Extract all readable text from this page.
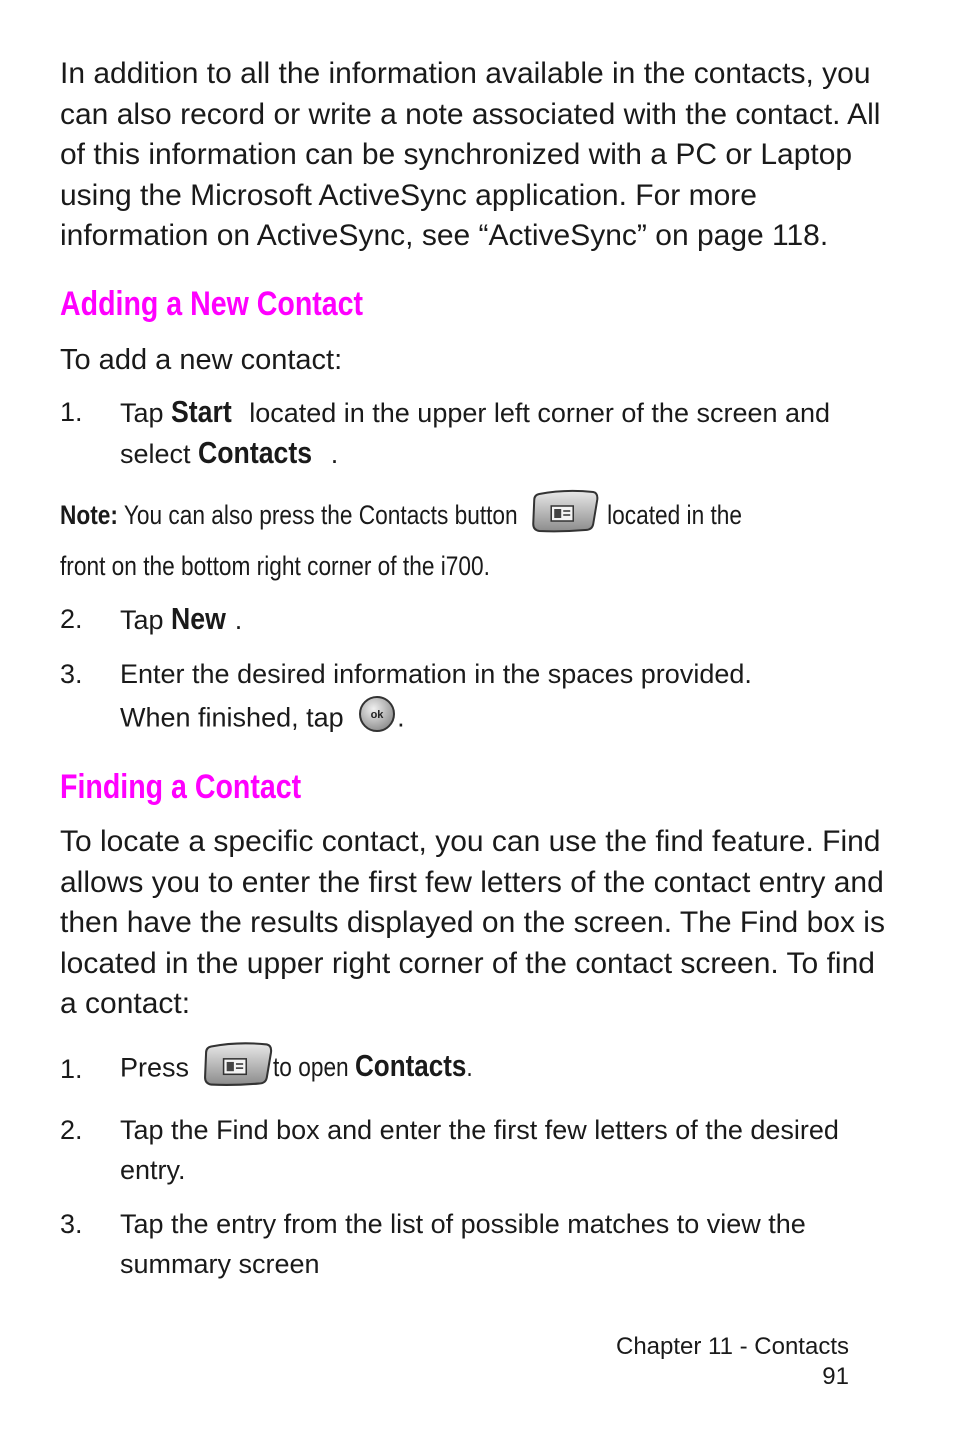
In addition to all the information available in the contacts, you can also record or write a note associated with the contact. All of this information can be synchronized with a PC or Laptop using the Microsoft ActiveSync application. For more information on ActiveSync, see “ActiveSync” on page 118.

Adding a New Contact

To add a new contact:

1.	Tap Start located in the upper left corner of the screen and select Contacts .
Note: You can also press the Contacts button	located in the
front on the bottom right corner of the i700.
2.	Tap New .
3.	Enter the desired information in the spaces provided.
When finished, tap ok .
Finding a Contact

To locate a specific contact, you can use the find feature. Find allows you to enter the first few letters of the contact entry and then have the results displayed on the screen. The Find box is located in the upper right corner of the contact screen. To find a contact:

1.	Press	to open Contacts.
2.	Tap the Find box and enter the first few letters of the desired entry.
3.	Tap the entry from the list of possible matches to view the summary screen
Chapter 11 - Contacts
91
